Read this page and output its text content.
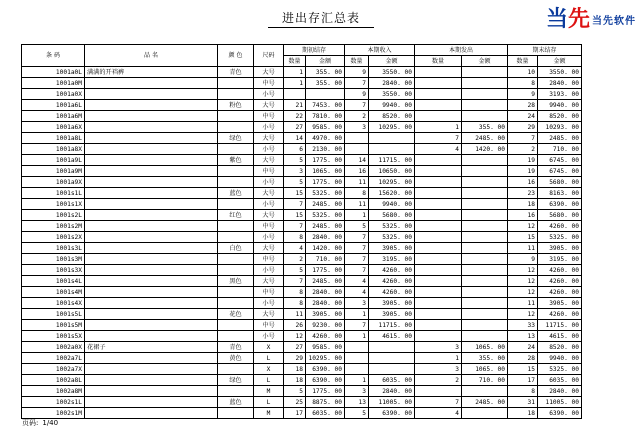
进出存汇总表	当 先 当先软件
条 码	品 名	颜 色	尺码	期初结存		本期收入		本期发出		期末结存	
				数量	金额	数量	金额	数量	金额	数量	金额
1001a0L	满满的开裆裤	青色	大号	1	355. 00	9	3550. 00			10	3550. 00
1001a0M			中号	1	355. 00	7	2840. 00			8	2840. 00
1001a0X			小号			9	3550. 00			9	3193. 00
1001a6L		粉色	大号	21	7453. 00	7	9940. 00			28	9940. 00
1001a6M			中号	22	7810. 00	2	8520. 00			24	8520. 00
1001a6X			小号	27	9585. 00	3	10295. 00	1	355. 00	29	10293. 00
1001a8L		绿色	大号	14	4970. 00			7	2485. 00	7	2485. 00
1001a8X			小号	6	2130. 00			4	1420. 00	2	710. 00
1001a9L		紫色	大号	5	1775. 00	14	11715. 00			19	6745. 00
1001a9M			中号	3	1065. 00	16	10650. 00			19	6745. 00
1001a9X			小号	5	1775. 00	11	10295. 00			16	5680. 00
1001s1L		蓝色	大号	15	5325. 00	8	15620. 00			23	8163. 00
1001s1X			小号	7	2485. 00	11	9940. 00			18	6390. 00
1001s2L		红色	大号	15	5325. 00	1	5680. 00			16	5680. 00
1001s2M			中号	7	2485. 00	5	5325. 00			12	4260. 00
1001s2X			小号	8	2840. 00	7	5325. 00			15	5325. 00
1001s3L		白色	大号	4	1420. 00	7	3905. 00			11	3905. 00
1001s3M			中号	2	710. 00	7	3195. 00			9	3195. 00
1001s3X			小号	5	1775. 00	7	4260. 00			12	4260. 00
1001s4L		黑色	大号	7	2485. 00	4	4260. 00			12	4260. 00
1001s4M			中号	8	2840. 00	4	4260. 00			12	4260. 00
1001s4X			小号	8	2840. 00	3	3905. 00			11	3905. 00
1001s5L		花色	大号	11	3905. 00	1	3905. 00			12	4260. 00
1001s5M			中号	26	9230. 00	7	11715. 00			33	11715. 00
1001s5X			小号	12	4260. 00	1	4615. 00			13	4615. 00
1002a0X	花裙子	青色	X	27	9585. 00			3	1065. 00	24	8520. 00
1002a7L		黄色	L	29	10295. 00			1	355. 00	28	9940. 00
1002a7X			X	18	6390. 00			3	1065. 00	15	5325. 00
1002a8L		绿色	L	18	6390. 00	1	6035. 00	2	710. 00	17	6035. 00
1002a8M			M	5	1775. 00	3	2840. 00			8	2840. 00
1002s1L		蓝色	L	25	8875. 00	13	11005. 00	7	2485. 00	31	11005. 00
1002s1M			M	17	6035. 00	5	6390. 00	4		18	6390. 00
页码: 1/40
